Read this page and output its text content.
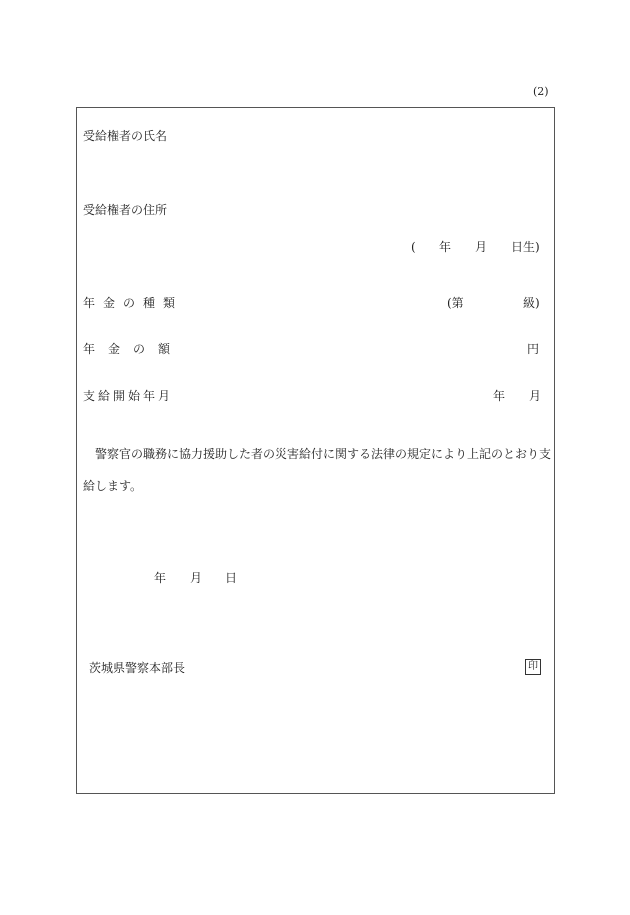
(2)
受給権者の氏名
受給権者の住所
( 年 月 日生)
年金の種類	(第	級)
年金の額	円
支給開始年月	年 月
警察官の職務に協力援助した者の災害給付に関する法律の規定により上記のとおり支
給します。
年 月 日
茨城県警察本部長	印
